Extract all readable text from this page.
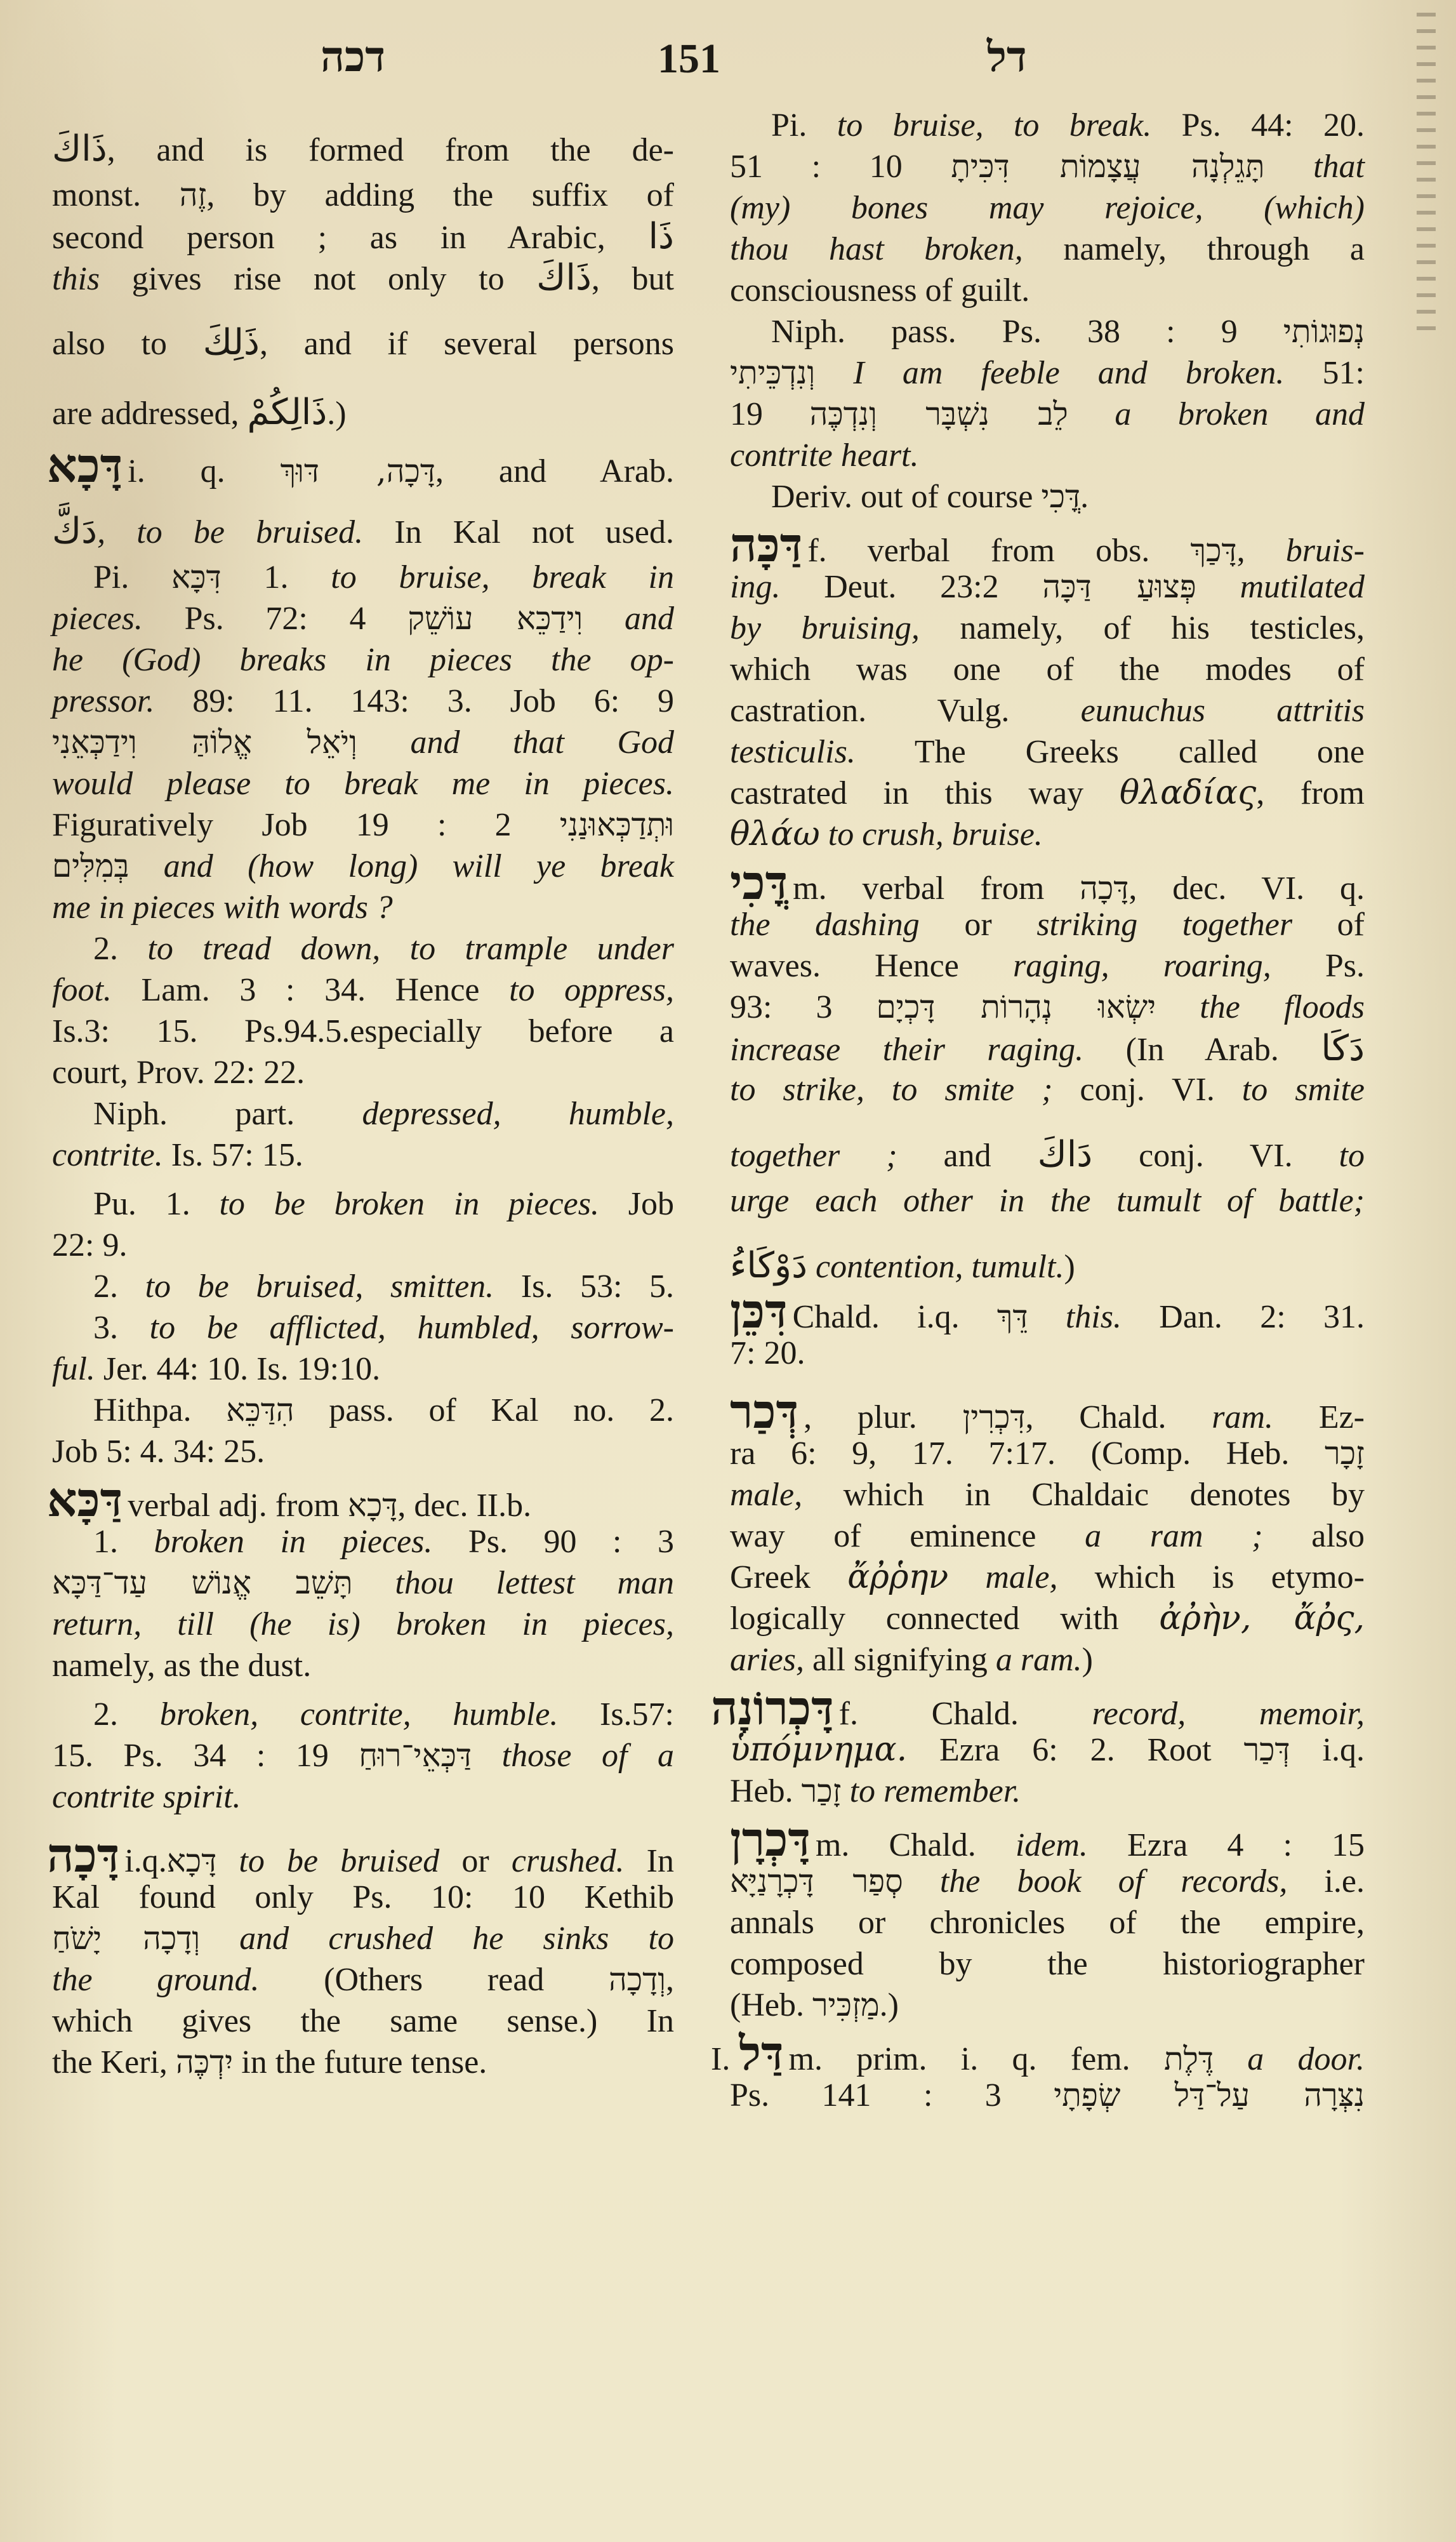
דכה	151	דל
ذَاكَ, and is formed from the de-
monst. זֶה, by adding the suffix of
second person ; as in Arabic, ذَا
this gives rise not only to ذَاكَ, but
also to ذَلِكَ, and if several persons
are addressed, ذَالِكُمْ.)
דָּכָא i. q. דָּכָה, דּוּךְ, and Arab.
دَكَّ, to be bruised. In Kal not used.
Pi. דִּכָּא 1. to bruise, break in
pieces. Ps. 72: 4 וִידַכֵּא עוֹשֵׁק and
he (God) breaks in pieces the op-
pressor. 89: 11. 143: 3. Job 6: 9
וְיֹאֵל אֱלוֹהַּ וִידַכְּאֵנִי and that God
would please to break me in pieces.
Figuratively Job 19 : 2 וּתְדַכְּאוּנַנִי
בְּמִלִּים and (how long) will ye break
me in pieces with words ?
2. to tread down, to trample under
foot. Lam. 3 : 34. Hence to oppress,
Is.3: 15. Ps.94.5.especially before a
court, Prov. 22: 22.
Niph. part. depressed, humble,
contrite. Is. 57: 15.
Pu. 1. to be broken in pieces. Job
22: 9.
2. to be bruised, smitten. Is. 53: 5.
3. to be afflicted, humbled, sorrow-
ful. Jer. 44: 10. Is. 19:10.
Hithpa. הִדַּכֵּא pass. of Kal no. 2.
Job 5: 4. 34: 25.
דַּכָּא verbal adj. from דָּכָא, dec. II.b.
1. broken in pieces. Ps. 90 : 3
תָּשֵׁב אֱנוֹשׁ עַד־דַּכָּא thou lettest man
return, till (he is) broken in pieces,
namely, as the dust.
2. broken, contrite, humble. Is.57:
15. Ps. 34 : 19 דַּכְּאֵי־רוּחַ those of a
contrite spirit.
דָּכָה i.q.דָּכָא to be bruised or crushed. In
Kal found only Ps. 10: 10 Kethib
וְדָכָה יָשֹׁחַ and crushed he sinks to
the ground. (Others read וְדָכָה,
which gives the same sense.) In
the Keri, יִדְכֶּה in the future tense.
Pi. to bruise, to break. Ps. 44: 20.
51 : 10 תָּגֵלְנָה עֲצָמוֹת דִּכִּיתָ that
(my) bones may rejoice, (which)
thou hast broken, namely, through a
consciousness of guilt.
Niph. pass. Ps. 38 : 9 נְפוּגוֹתִי
וְנִדְכֵּיתִי I am feeble and broken. 51:
19 לֵב נִשְׁבָּר וְנִדְכֶּה a broken and
contrite heart.
Deriv. out of course דֳּכִי.
דַּכָּה f. verbal from obs. דָּכַךְ, bruis-
ing. Deut. 23:2 פְּצוּעַ דַּכָּה mutilated
by bruising, namely, of his testicles,
which was one of the modes of
castration. Vulg. eunuchus attritis
testiculis. The Greeks called one
castrated in this way θλαδίας, from
θλάω to crush, bruise.
דֳּכִי m. verbal from דָּכָה, dec. VI. q.
the dashing or striking together of
waves. Hence raging, roaring, Ps.
93: 3 יִשְׂאוּ נְהָרוֹת דָּכְיָם the floods
increase their raging. (In Arab. دَكَا
to strike, to smite ; conj. VI. to smite
together ; and دَاكَ conj. VI. to
urge each other in the tumult of battle;
دَوْكَاءُ contention, tumult.)
דִּכֵּן Chald. i.q. דֵּךְ this. Dan. 2: 31.
7: 20.
דְּכַר , plur. דִּכְרִין, Chald. ram. Ez-
ra 6: 9, 17. 7:17. (Comp. Heb. זָכָר
male, which in Chaldaic denotes by
way of eminence a ram ; also
Greek ἄῤῥην male, which is etymo-
logically connected with ἀῤὴν, ἄῤς,
aries, all signifying a ram.)
דָּכְרוֹנָה f. Chald. record, memoir,
ὑπόμνημα. Ezra 6: 2. Root דְּכַר i.q.
Heb. זָכַר to remember.
דָּכְרָן m. Chald. idem. Ezra 4 : 15
סְפַר דָּכְרָנַיָּא the book of records, i.e.
annals or chronicles of the empire,
composed by the historiographer
(Heb. מַזְכִּיר.)
I. דַּל m. prim. i. q. fem. דֶּלֶת a door.
Ps. 141 : 3 נִצְּרָה עַל־דַּל שְׂפָתָי
